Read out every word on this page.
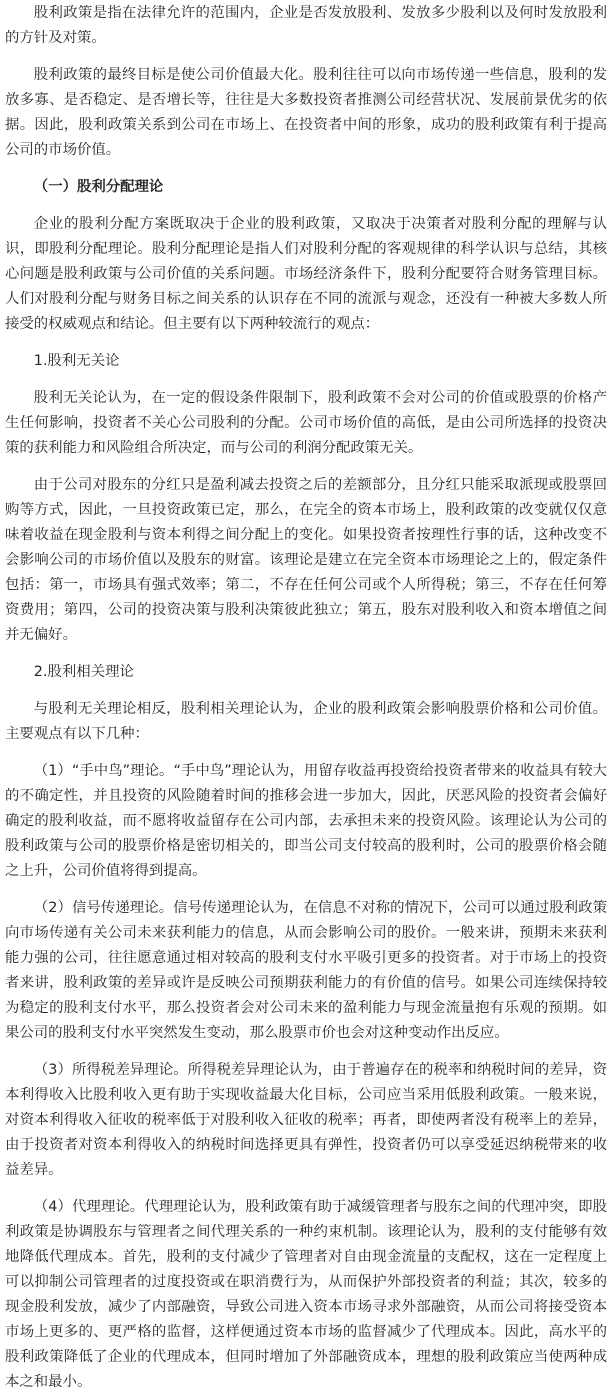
股利政策是指在法律允许的范围内，企业是否发放股利、发放多少股利以及何时发放股利的方针及对策。

股利政策的最终目标是使公司价值最大化。股利往往可以向市场传递一些信息，股利的发放多寡、是否稳定、是否增长等，往往是大多数投资者推测公司经营状况、发展前景优劣的依据。因此，股利政策关系到公司在市场上、在投资者中间的形象，成功的股利政策有利于提高公司的市场价值。

（一）股利分配理论

企业的股利分配方案既取决于企业的股利政策，又取决于决策者对股利分配的理解与认识，即股利分配理论。股利分配理论是指人们对股利分配的客观规律的科学认识与总结，其核心问题是股利政策与公司价值的关系问题。市场经济条件下，股利分配要符合财务管理目标。人们对股利分配与财务目标之间关系的认识存在不同的流派与观念，还没有一种被大多数人所接受的权威观点和结论。但主要有以下两种较流行的观点：

1.股利无关论

股利无关论认为，在一定的假设条件限制下，股利政策不会对公司的价值或股票的价格产生任何影响，投资者不关心公司股利的分配。公司市场价值的高低，是由公司所选择的投资决策的获利能力和风险组合所决定，而与公司的利润分配政策无关。

由于公司对股东的分红只是盈利减去投资之后的差额部分，且分红只能采取派现或股票回购等方式，因此，一旦投资政策已定，那么，在完全的资本市场上，股利政策的改变就仅仅意味着收益在现金股利与资本利得之间分配上的变化。如果投资者按理性行事的话，这种改变不会影响公司的市场价值以及股东的财富。该理论是建立在完全资本市场理论之上的，假定条件包括：第一，市场具有强式效率；第二，不存在任何公司或个人所得税；第三，不存在任何筹资费用；第四，公司的投资决策与股利决策彼此独立；第五，股东对股利收入和资本增值之间并无偏好。

2.股利相关理论

与股利无关理论相反，股利相关理论认为，企业的股利政策会影响股票价格和公司价值。主要观点有以下几种：

（1）“手中鸟”理论。“手中鸟”理论认为，用留存收益再投资给投资者带来的收益具有较大的不确定性，并且投资的风险随着时间的推移会进一步加大，因此，厌恶风险的投资者会偏好确定的股利收益，而不愿将收益留存在公司内部，去承担未来的投资风险。该理论认为公司的股利政策与公司的股票价格是密切相关的，即当公司支付较高的股利时，公司的股票价格会随之上升，公司价值将得到提高。

（2）信号传递理论。信号传递理论认为，在信息不对称的情况下，公司可以通过股利政策向市场传递有关公司未来获利能力的信息，从而会影响公司的股价。一般来讲，预期未来获利能力强的公司，往往愿意通过相对较高的股利支付水平吸引更多的投资者。对于市场上的投资者来讲，股利政策的差异或许是反映公司预期获利能力的有价值的信号。如果公司连续保持较为稳定的股利支付水平，那么投资者会对公司未来的盈利能力与现金流量抱有乐观的预期。如果公司的股利支付水平突然发生变动，那么股票市价也会对这种变动作出反应。

（3）所得税差异理论。所得税差异理论认为，由于普遍存在的税率和纳税时间的差异，资本利得收入比股利收入更有助于实现收益最大化目标，公司应当采用低股利政策。一般来说，对资本利得收入征收的税率低于对股利收入征收的税率；再者，即使两者没有税率上的差异，由于投资者对资本利得收入的纳税时间选择更具有弹性，投资者仍可以享受延迟纳税带来的收益差异。

（4）代理理论。代理理论认为，股利政策有助于减缓管理者与股东之间的代理冲突，即股利政策是协调股东与管理者之间代理关系的一种约束机制。该理论认为，股利的支付能够有效地降低代理成本。首先，股利的支付减少了管理者对自由现金流量的支配权，这在一定程度上可以抑制公司管理者的过度投资或在职消费行为，从而保护外部投资者的利益；其次，较多的现金股利发放，减少了内部融资，导致公司进入资本市场寻求外部融资，从而公司将接受资本市场上更多的、更严格的监督，这样便通过资本市场的监督减少了代理成本。因此，高水平的股利政策降低了企业的代理成本，但同时增加了外部融资成本，理想的股利政策应当使两种成本之和最小。
